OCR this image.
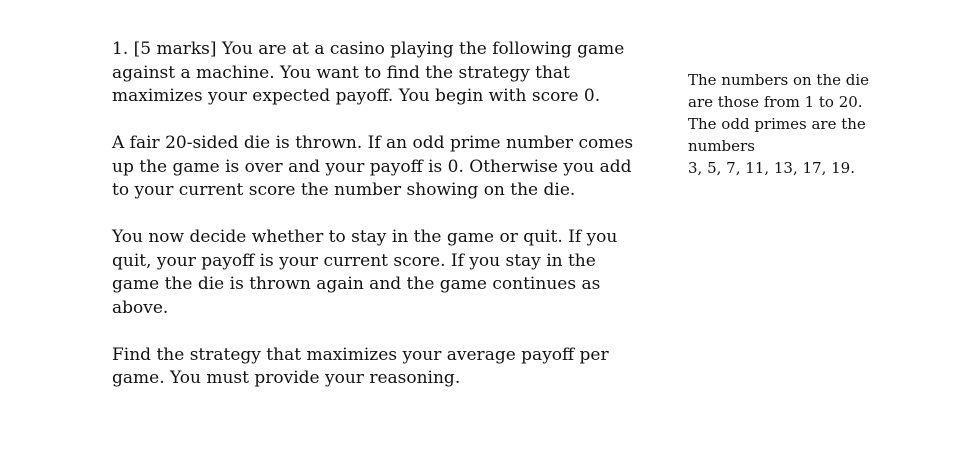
1. [5 marks] You are at a casino playing the following game
against a machine. You want to find the strategy that
maximizes your expected payoff. You begin with score 0.

A fair 20-sided die is thrown. If an odd prime number comes
up the game is over and your payoff is 0. Otherwise you add
to your current score the number showing on the die.

You now decide whether to stay in the game or quit. If you
quit, your payoff is your current score. If you stay in the
game the die is thrown again and the game continues as
above.

Find the strategy that maximizes your average payoff per
game. You must provide your reasoning.

The numbers on the die
are those from 1 to 20.
The odd primes are the
numbers
3, 5, 7, 11, 13, 17, 19.
